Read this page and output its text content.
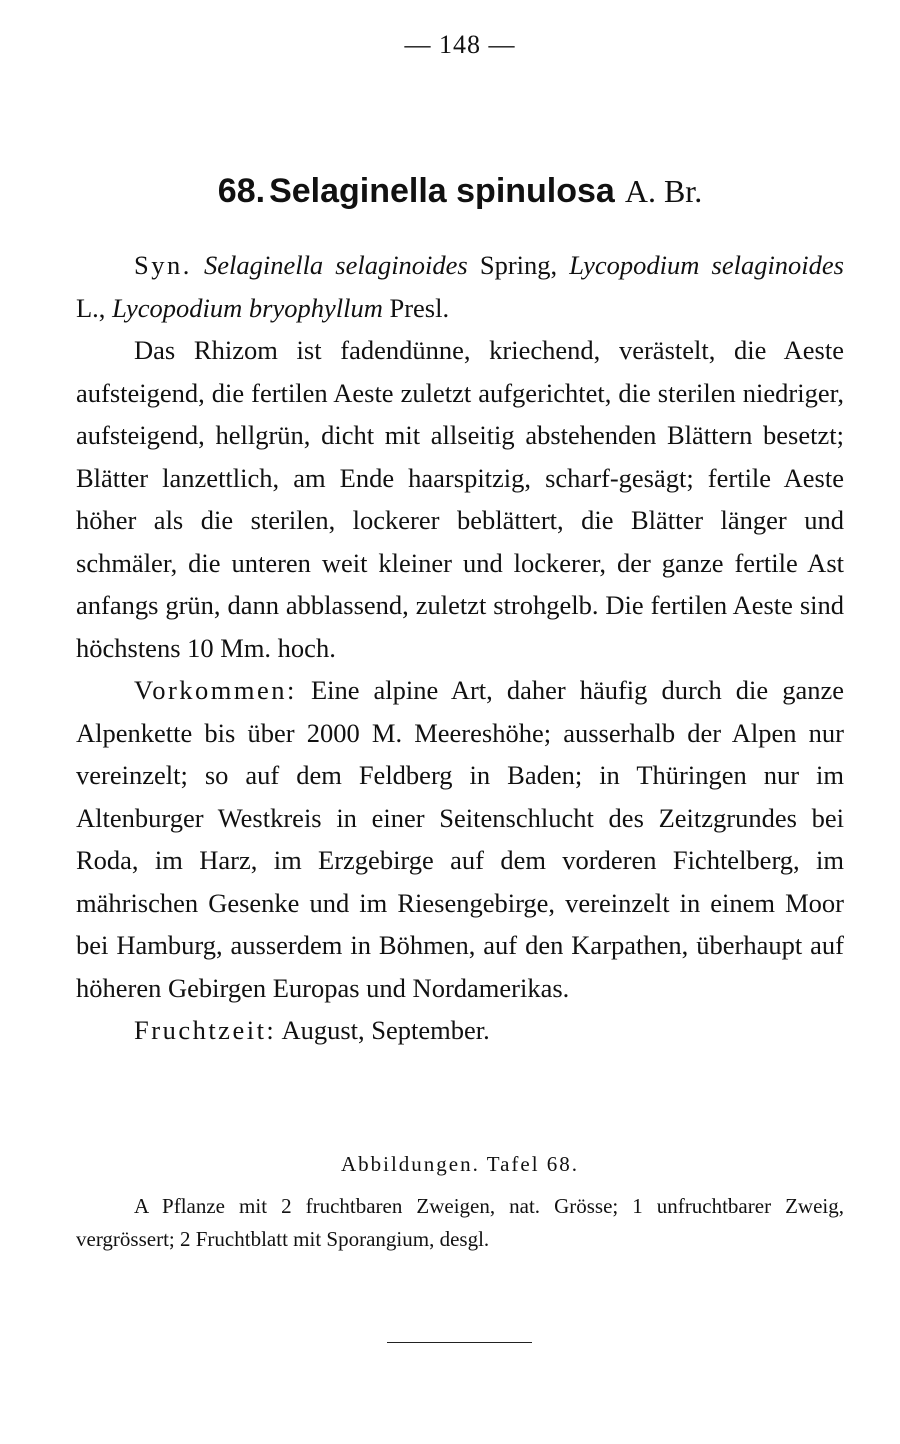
— 148 —
68. Selaginella spinulosa A. Br.

Syn. Selaginella selaginoides Spring, Lycopodium selaginoides L., Lycopodium bryophyllum Presl.

Das Rhizom ist fadendünne, kriechend, verästelt, die Aeste aufsteigend, die fertilen Aeste zuletzt aufgerichtet, die sterilen niedriger, aufsteigend, hellgrün, dicht mit allseitig abstehenden Blättern besetzt; Blätter lanzettlich, am Ende haarspitzig, scharf-gesägt; fertile Aeste höher als die sterilen, lockerer beblättert, die Blätter länger und schmäler, die unteren weit kleiner und lockerer, der ganze fertile Ast anfangs grün, dann abblassend, zuletzt strohgelb. Die fertilen Aeste sind höchstens 10 Mm. hoch.

Vorkommen: Eine alpine Art, daher häufig durch die ganze Alpenkette bis über 2000 M. Meereshöhe; ausserhalb der Alpen nur vereinzelt; so auf dem Feldberg in Baden; in Thüringen nur im Altenburger Westkreis in einer Seitenschlucht des Zeitzgrundes bei Roda, im Harz, im Erzgebirge auf dem vorderen Fichtelberg, im mährischen Gesenke und im Riesengebirge, vereinzelt in einem Moor bei Hamburg, ausserdem in Böhmen, auf den Karpathen, überhaupt auf höheren Gebirgen Europas und Nordamerikas.

Fruchtzeit: August, September.

Abbildungen. Tafel 68.
A Pflanze mit 2 fruchtbaren Zweigen, nat. Grösse; 1 unfruchtbarer Zweig, vergrössert; 2 Fruchtblatt mit Sporangium, desgl.
